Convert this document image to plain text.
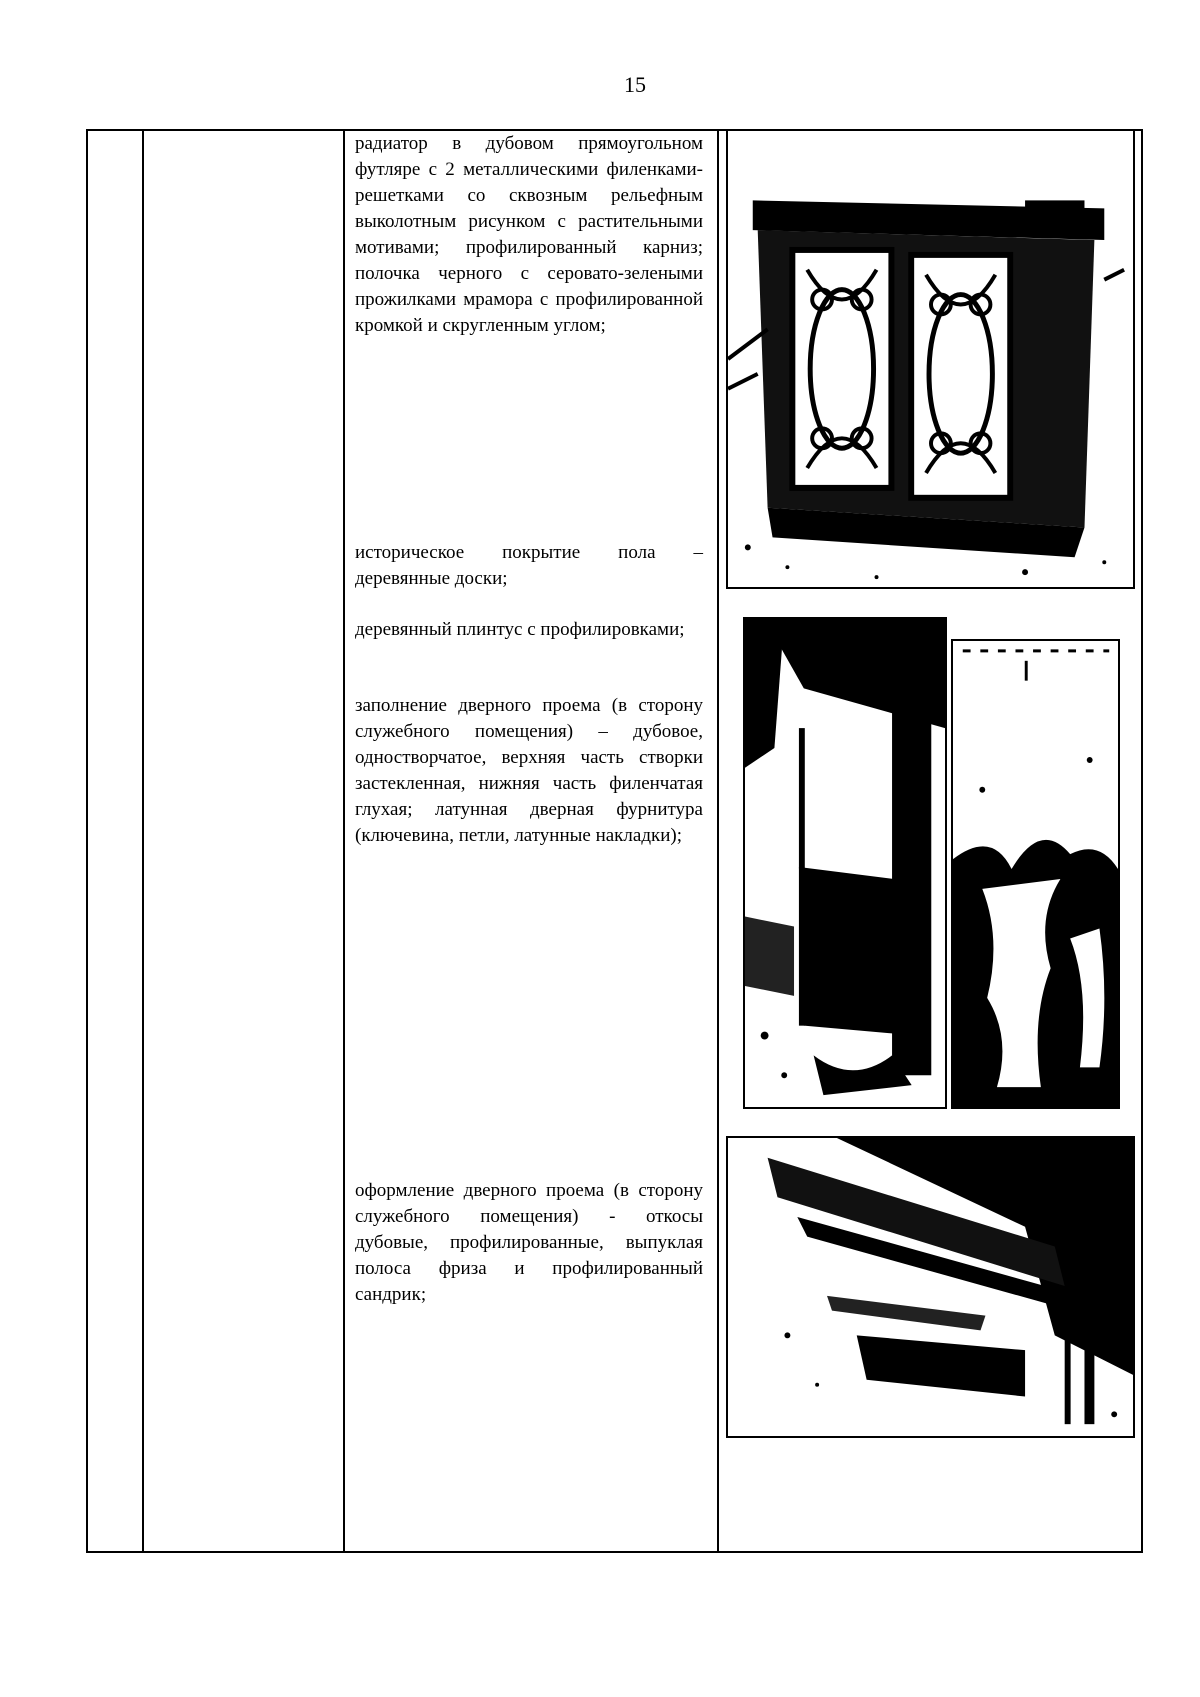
15
радиатор в дубовом прямоугольном футляре с 2 металлическими филенками-решетками со сквозным рельефным выколотным рисунком с растительными мотивами; профилированный карниз; полочка черного с серовато-зелеными прожилками мрамора с профилированной кромкой и скругленным углом;
историческое покрытие пола – деревянные доски;
деревянный плинтус с профилировками;
заполнение дверного проема (в сторону служебного помещения) – дубовое, одностворчатое, верхняя часть створки застекленная, нижняя часть филенчатая глухая; латунная дверная фурнитура (ключевина, петли, латунные накладки);
оформление дверного проема (в сторону служебного помещения) - откосы дубовые, профилированные, выпуклая полоса фриза и профилированный сандрик;
